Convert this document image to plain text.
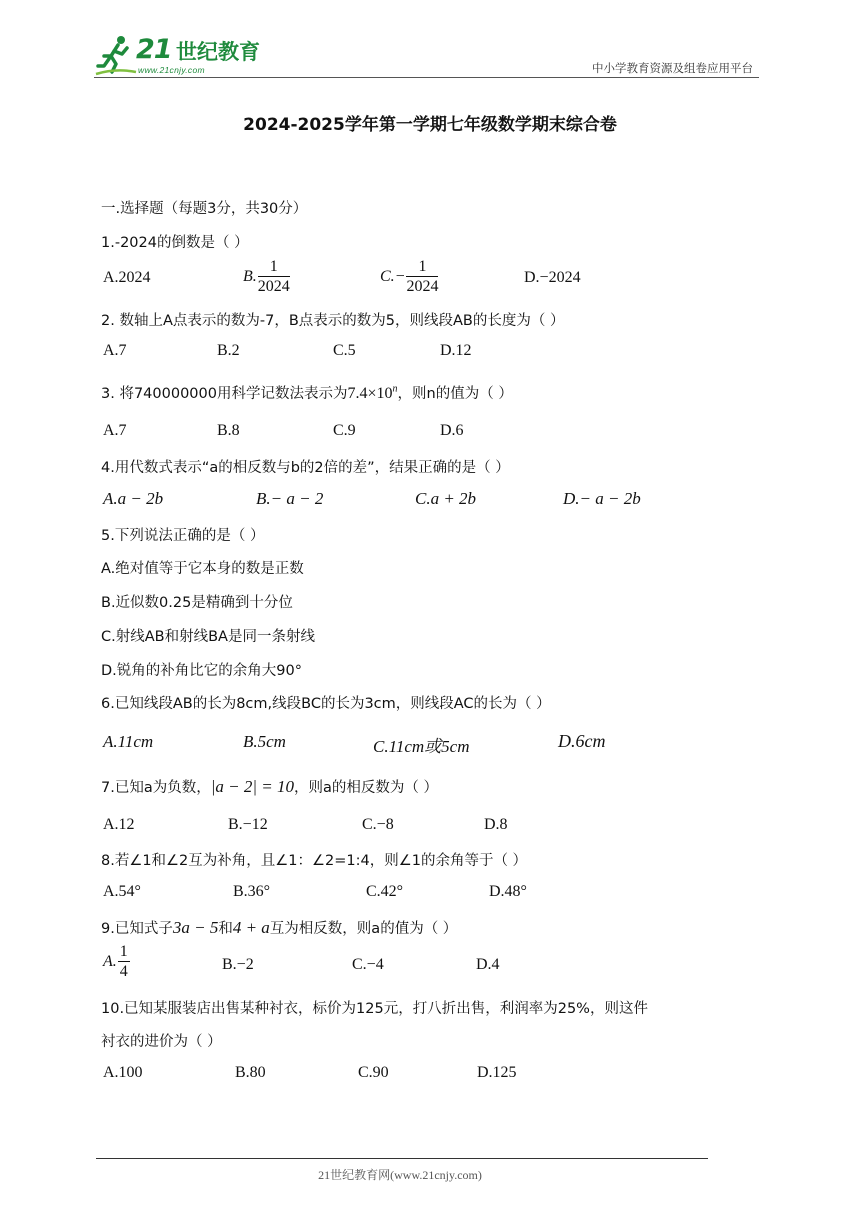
21 世纪教育
www.21cnjy.com	中小学教育资源及组卷应用平台
2024-2025学年第一学期七年级数学期末综合卷
一.选择题（每题3分，共30分）
1.-2024的倒数是（ ）
A.2024	B. $\frac{1}{2024}$	$C.- \frac{1}{2024}$	D.−2024
2. 数轴上A点表示的数为-7，B点表示的数为5，则线段AB的长度为（ ）
A.7	B.2	C.5	D.12
3. 将740000000用科学记数法表示为$7.4\times 10^n$，则n的值为（ ）
A.7	B.8	C.9	D.6
4.用代数式表示“a的相反数与b的2倍的差”，结果正确的是（ ）
A.a − 2b	B.− a − 2	C.a + 2b	D.− a − 2b
5.下列说法正确的是（ ）
A.绝对值等于它本身的数是正数
B.近似数0.25是精确到十分位
C.射线AB和射线BA是同一条射线
D.锐角的补角比它的余角大90°
6.已知线段AB的长为8cm,线段BC的长为3cm，则线段AC的长为（ ）
A.11cm	B.5cm	C.11cm或5cm	D.6cm
7.已知a为负数，|a − 2| = 10，则a的相反数为（ ）
A.12	B.−12	C.−8	D.8
8.若∠1和∠2互为补角，且∠1：∠2=1:4，则∠1的余角等于（ ）
A.54°	B.36°	C.42°	D.48°
9.已知式子3a − 5和4 + a互为相反数，则a的值为（ ）
A. $\frac{1}{4}$	B.−2	C.−4	D.4
10.已知某服装店出售某种衬衣，标价为125元，打八折出售，利润率为25%，则这件
衬衣的进价为（ ）
A.100	B.80	C.90	D.125
21世纪教育网(www.21cnjy.com)
